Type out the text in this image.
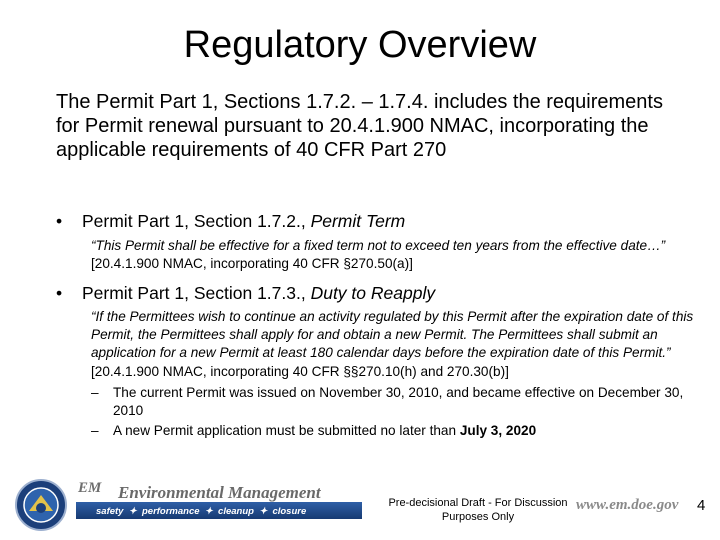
Regulatory Overview
The Permit Part 1, Sections 1.7.2. – 1.7.4. includes the requirements for Permit renewal pursuant to 20.4.1.900 NMAC, incorporating the applicable requirements of 40 CFR Part 270
• Permit Part 1, Section 1.7.2., Permit Term
“This Permit shall be effective for a fixed term not to exceed ten years from the effective date…” [20.4.1.900 NMAC, incorporating 40 CFR §270.50(a)]
• Permit Part 1, Section 1.7.3., Duty to Reapply
“If the Permittees wish to continue an activity regulated by this Permit after the expiration date of this Permit, the Permittees shall apply for and obtain a new Permit. The Permittees shall submit an application for a new Permit at least 180 calendar days before the expiration date of this Permit.” [20.4.1.900 NMAC, incorporating 40 CFR §§270.10(h) and 270.30(b)]
–	The current Permit was issued on November 30, 2010, and became effective on December 30, 2010
–	A new Permit application must be submitted no later than July 3, 2020
EM Environmental Management
safety  ✦  performance  ✦  cleanup  ✦  closure
Pre-decisional Draft - For Discussion Purposes Only
www.em.doe.gov 4
